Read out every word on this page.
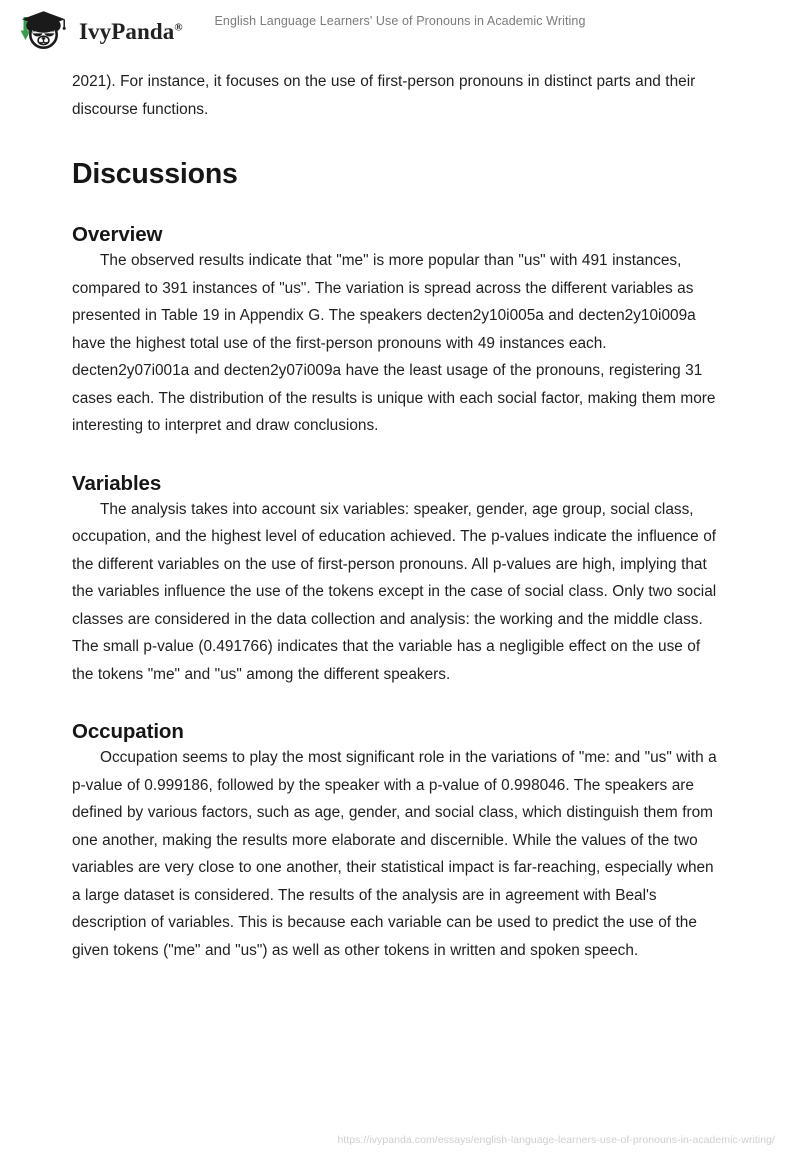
IvyPanda®	English Language Learners' Use of Pronouns in Academic Writing

2021). For instance, it focuses on the use of first-person pronouns in distinct parts and their discourse functions.

Discussions
Overview

The observed results indicate that "me" is more popular than "us" with 491 instances, compared to 391 instances of "us". The variation is spread across the different variables as presented in Table 19 in Appendix G. The speakers decten2y10i005a and decten2y10i009a have the highest total use of the first-person pronouns with 49 instances each. decten2y07i001a and decten2y07i009a have the least usage of the pronouns, registering 31 cases each. The distribution of the results is unique with each social factor, making them more interesting to interpret and draw conclusions.

Variables

The analysis takes into account six variables: speaker, gender, age group, social class, occupation, and the highest level of education achieved. The p-values indicate the influence of the different variables on the use of first-person pronouns. All p-values are high, implying that the variables influence the use of the tokens except in the case of social class. Only two social classes are considered in the data collection and analysis: the working and the middle class. The small p-value (0.491766) indicates that the variable has a negligible effect on the use of the tokens "me" and "us" among the different speakers.

Occupation

Occupation seems to play the most significant role in the variations of "me: and "us" with a p-value of 0.999186, followed by the speaker with a p-value of 0.998046. The speakers are defined by various factors, such as age, gender, and social class, which distinguish them from one another, making the results more elaborate and discernible. While the values of the two variables are very close to one another, their statistical impact is far-reaching, especially when a large dataset is considered. The results of the analysis are in agreement with Beal's description of variables. This is because each variable can be used to predict the use of the given tokens ("me" and "us") as well as other tokens in written and spoken speech.

https://ivypanda.com/essays/english-language-learners-use-of-pronouns-in-academic-writing/
